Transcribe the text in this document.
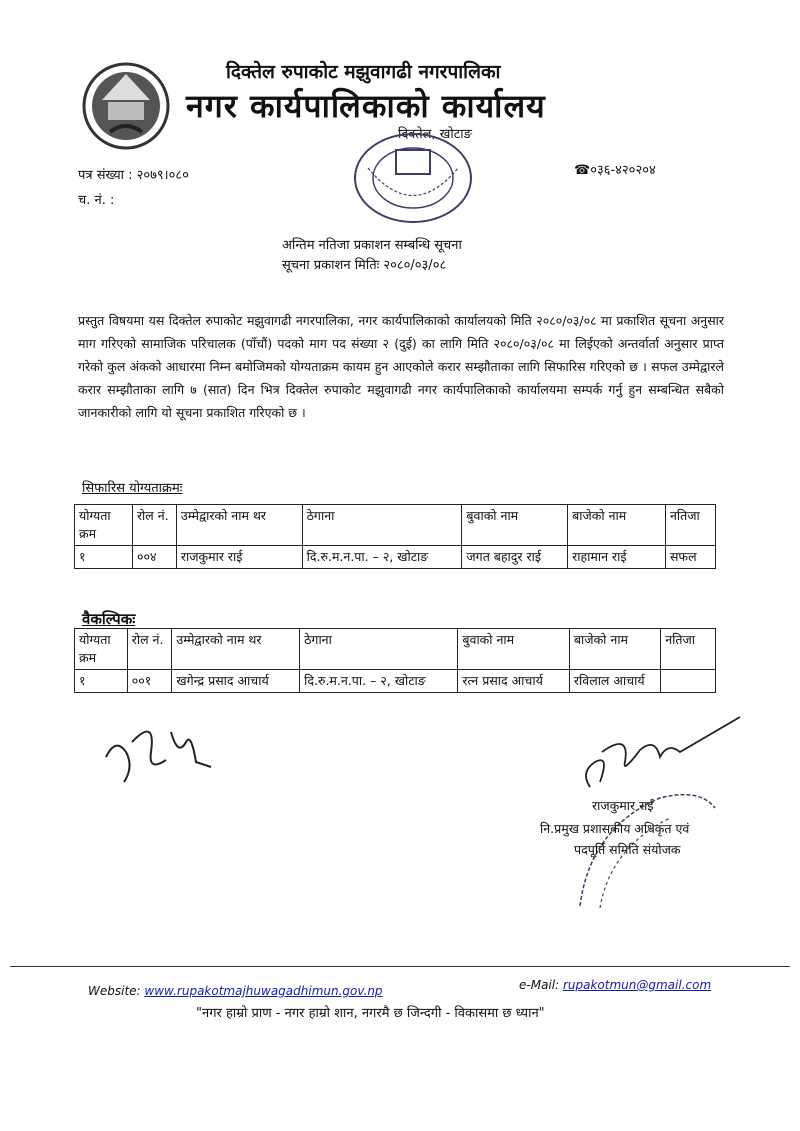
दिक्तेल रुपाकोट मझुवागढी नगरपालिका
नगर कार्यपालिकाको कार्यालय
दिक्तेल, खोटाङ
पत्र संख्या : २०७९।०८०
च. नं. :
☎०३६-४२०२०४
अन्तिम नतिजा प्रकाशन सम्बन्धि सूचना
सूचना प्रकाशन मितिः २०८०/०३/०८
प्रस्तुत विषयमा यस दिक्तेल रुपाकोट मझुवागढी नगरपालिका, नगर कार्यपालिकाको कार्यालयको मिति २०८०/०३/०८ मा प्रकाशित सूचना अनुसार माग गरिएको सामाजिक परिचालक (पाँचौं) पदको माग पद संख्या २ (दुई) का लागि मिति २०८०/०३/०८ मा लिईएको अन्तर्वार्ता अनुसार प्राप्त गरेको कुल अंकको आधारमा निम्न बमोजिमको योग्यताक्रम कायम हुन आएकोले करार सम्झौताका लागि सिफारिस गरिएको छ । सफल उम्मेद्वारले करार सम्झौताका लागि ७ (सात) दिन भित्र दिक्तेल रुपाकोट मझुवागढी नगर कार्यपालिकाको कार्यालयमा सम्पर्क गर्नु हुन सम्बन्धित सबैको जानकारीको लागि यो सूचना प्रकाशित गरिएको छ ।
सिफारिस योग्यताक्रमः
योग्यता क्रम	रोल नं.	उम्मेद्वारको नाम थर	ठेगाना	बुवाको नाम	बाजेको नाम	नतिजा
१	००४	राजकुमार राई	दि.रु.म.न.पा. – २, खोटाङ	जगत बहादुर राई	राहामान राई	सफल
वैकल्पिकः
योग्यता क्रम	रोल नं.	उम्मेद्वारको नाम थर	ठेगाना	बुवाको नाम	बाजेको नाम	नतिजा
१	००१	खगेन्द्र प्रसाद आचार्य	दि.रु.म.न.पा. – २, खोटाङ	रत्न प्रसाद आचार्य	रविलाल आचार्य	
राजकुमार राई
नि.प्रमुख प्रशासकीय अधिकृत एवं
पदपूर्ति समिति संयोजक
Website: www.rupakotmajhuwagadhimun.gov.np	e-Mail: rupakotmun@gmail.com
"नगर हाम्रो प्राण - नगर हाम्रो शान, नगरमै छ जिन्दगी - विकासमा छ ध्यान"
